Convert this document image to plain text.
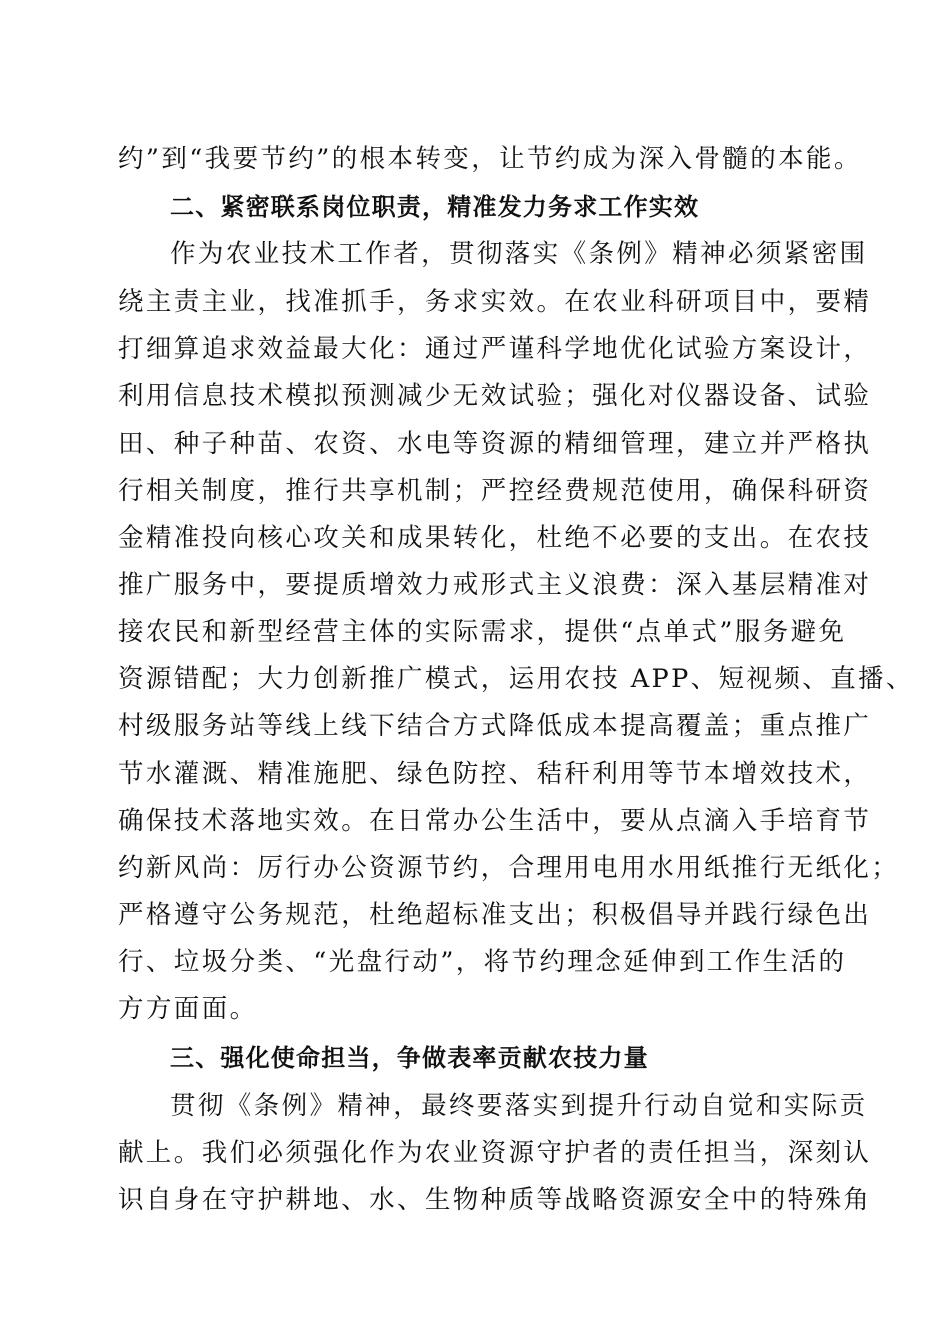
约”到“我要节约”的根本转变，让节约成为深入骨髓的本能。

二、紧密联系岗位职责，精准发力务求工作实效

作为农业技术工作者，贯彻落实《条例》精神必须紧密围

绕主责主业，找准抓手，务求实效。在农业科研项目中，要精

打细算追求效益最大化：通过严谨科学地优化试验方案设计，

利用信息技术模拟预测减少无效试验；强化对仪器设备、试验

田、种子种苗、农资、水电等资源的精细管理，建立并严格执

行相关制度，推行共享机制；严控经费规范使用，确保科研资

金精准投向核心攻关和成果转化，杜绝不必要的支出。在农技

推广服务中，要提质增效力戒形式主义浪费：深入基层精准对

接农民和新型经营主体的实际需求，提供“点单式”服务避免

资源错配；大力创新推广模式，运用农技 APP、短视频、直播、

村级服务站等线上线下结合方式降低成本提高覆盖；重点推广

节水灌溉、精准施肥、绿色防控、秸秆利用等节本增效技术，

确保技术落地实效。在日常办公生活中，要从点滴入手培育节

约新风尚：厉行办公资源节约，合理用电用水用纸推行无纸化；

严格遵守公务规范，杜绝超标准支出；积极倡导并践行绿色出

行、垃圾分类、“光盘行动”，将节约理念延伸到工作生活的

方方面面。

三、强化使命担当，争做表率贡献农技力量

贯彻《条例》精神，最终要落实到提升行动自觉和实际贡

献上。我们必须强化作为农业资源守护者的责任担当，深刻认

识自身在守护耕地、水、生物种质等战略资源安全中的特殊角
